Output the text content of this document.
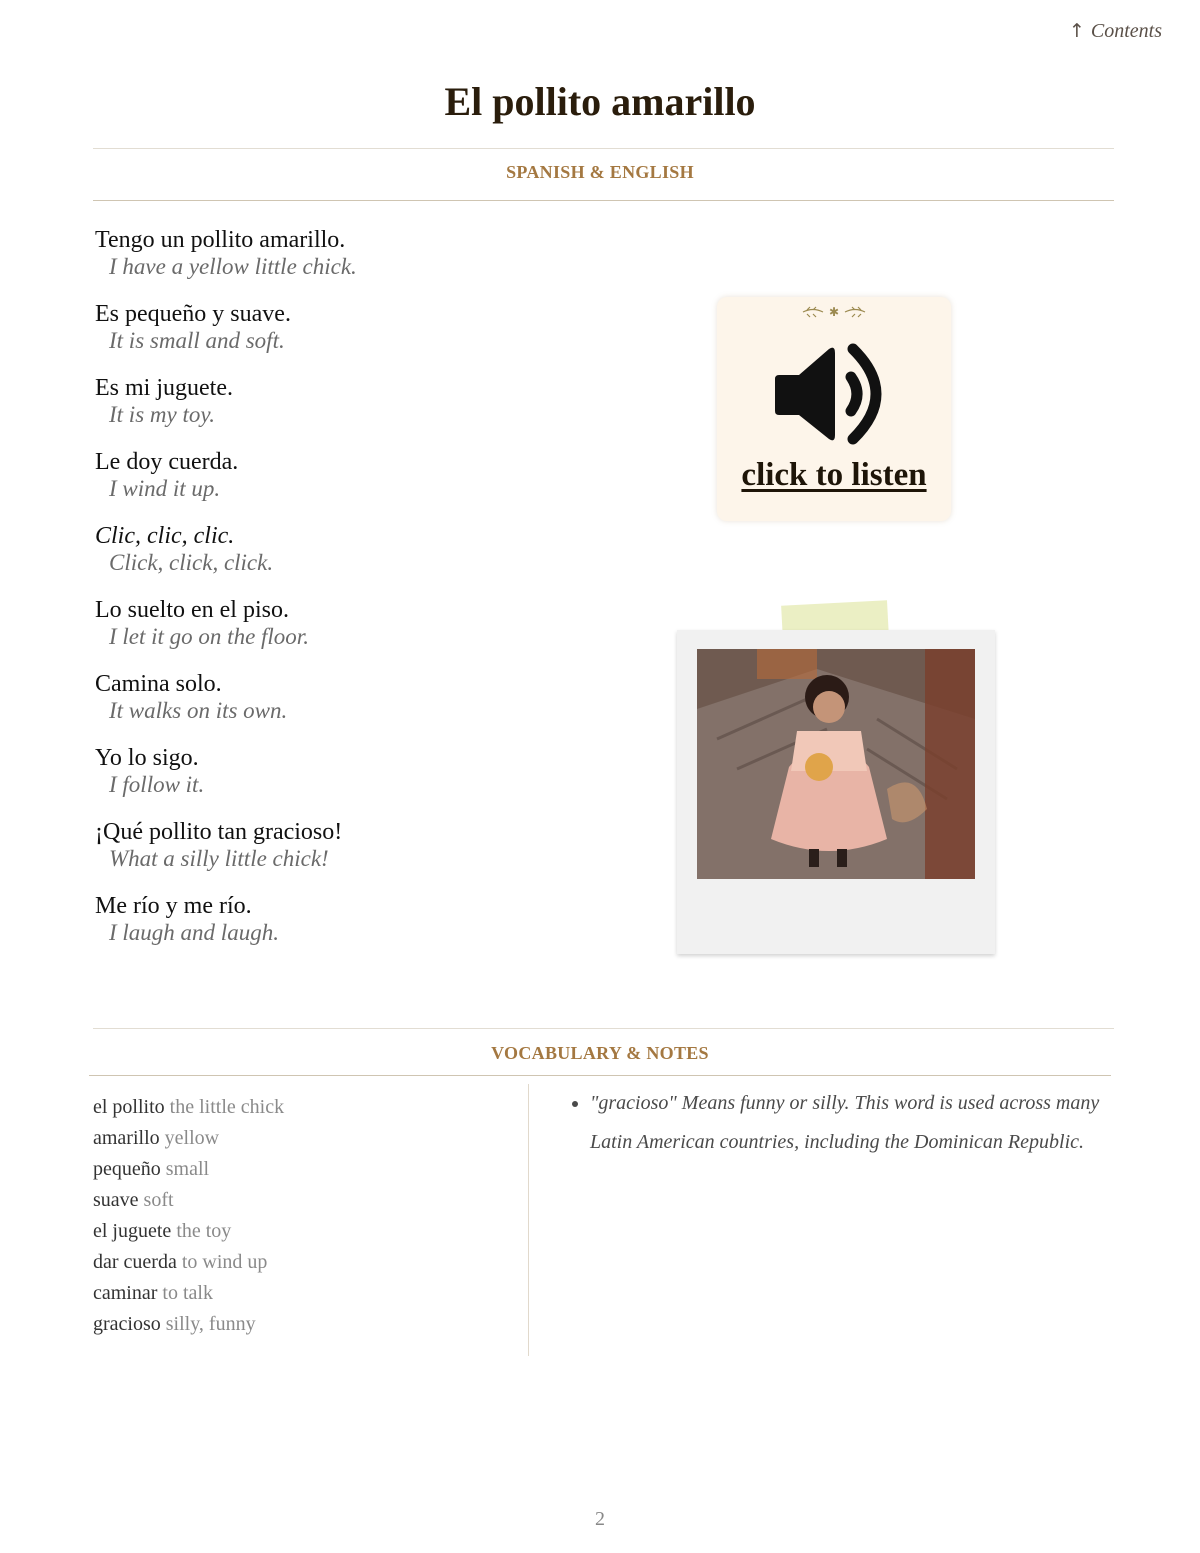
↑ Contents
El pollito amarillo
SPANISH & ENGLISH
Tengo un pollito amarillo.
I have a yellow little chick.
Es pequeño y suave.
It is small and soft.
Es mi juguete.
It is my toy.
Le doy cuerda.
I wind it up.
Clic, clic, clic.
Click, click, click.
Lo suelto en el piso.
I let it go on the floor.
Camina solo.
It walks on its own.
Yo lo sigo.
I follow it.
¡Qué pollito tan gracioso!
What a silly little chick!
Me río y me río.
I laugh and laugh.
✱
click to listen
VOCABULARY & NOTES
el pollito the little chick
amarillo yellow
pequeño small
suave soft
el juguete the toy
dar cuerda to wind up
caminar to talk
gracioso silly, funny
• "gracioso" Means funny or silly. This word is used across many Latin American countries, including the Dominican Republic.
2
